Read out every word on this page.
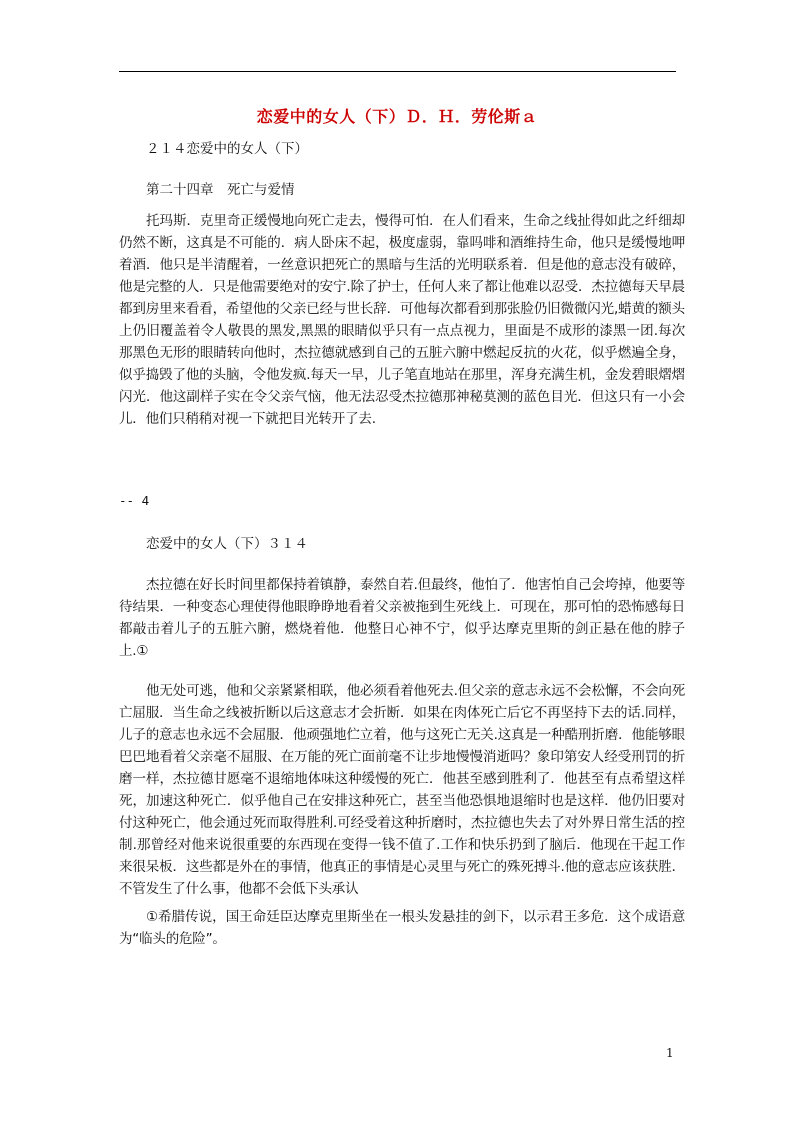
恋爱中的女人（下）Ｄ．Ｈ．劳伦斯ａ

２１４恋爱中的女人（下）

第二十四章　死亡与爱情

托玛斯．克里奇正缓慢地向死亡走去，慢得可怕．在人们看来，生命之线扯得如此之纤细却仍然不断，这真是不可能的．病人卧床不起，极度虚弱，靠吗啡和酒维持生命，他只是缓慢地呷着酒．他只是半清醒着，一丝意识把死亡的黑暗与生活的光明联系着．但是他的意志没有破碎，他是完整的人．只是他需要绝对的安宁.除了护士，任何人来了都让他难以忍受．杰拉德每天早晨都到房里来看看，希望他的父亲已经与世长辞．可他每次都看到那张脸仍旧微微闪光,蜡黄的额头上仍旧覆盖着令人敬畏的黑发,黑黑的眼睛似乎只有一点点视力，里面是不成形的漆黑一团.每次那黑色无形的眼睛转向他时，杰拉德就感到自己的五脏六腑中燃起反抗的火花，似乎燃遍全身，似乎捣毁了他的头脑，令他发疯.每天一早，儿子笔直地站在那里，浑身充满生机，金发碧眼熠熠闪光．他这副样子实在令父亲气恼，他无法忍受杰拉德那神秘莫测的蓝色目光．但这只有一小会儿．他们只稍稍对视一下就把目光转开了去.

-- 4

恋爱中的女人（下）３１４

杰拉德在好长时间里都保持着镇静，泰然自若.但最终，他怕了．他害怕自己会垮掉，他要等待结果．一种变态心理使得他眼睁睁地看着父亲被拖到生死线上．可现在，那可怕的恐怖感每日都敲击着儿子的五脏六腑，燃烧着他．他整日心神不宁，似乎达摩克里斯的剑正悬在他的脖子上.①

他无处可逃，他和父亲紧紧相联，他必须看着他死去.但父亲的意志永远不会松懈，不会向死亡屈服．当生命之线被折断以后这意志才会折断．如果在肉体死亡后它不再坚持下去的话.同样，儿子的意志也永远不会屈服．他顽强地伫立着，他与这死亡无关.这真是一种酷刑折磨．他能够眼巴巴地看着父亲毫不屈服、在万能的死亡面前毫不让步地慢慢消逝吗？象印第安人经受刑罚的折磨一样，杰拉德甘愿毫不退缩地体味这种缓慢的死亡．他甚至感到胜利了．他甚至有点希望这样死，加速这种死亡．似乎他自己在安排这种死亡，甚至当他恐惧地退缩时也是这样．他仍旧要对付这种死亡，他会通过死而取得胜利.可经受着这种折磨时，杰拉德也失去了对外界日常生活的控制.那曾经对他来说很重要的东西现在变得一钱不值了.工作和快乐扔到了脑后．他现在干起工作来很呆板．这些都是外在的事情，他真正的事情是心灵里与死亡的殊死搏斗.他的意志应该获胜．不管发生了什么事，他都不会低下头承认

①希腊传说，国王命廷臣达摩克里斯坐在一根头发悬挂的剑下，以示君王多危．这个成语意为“临头的危险”。

1
